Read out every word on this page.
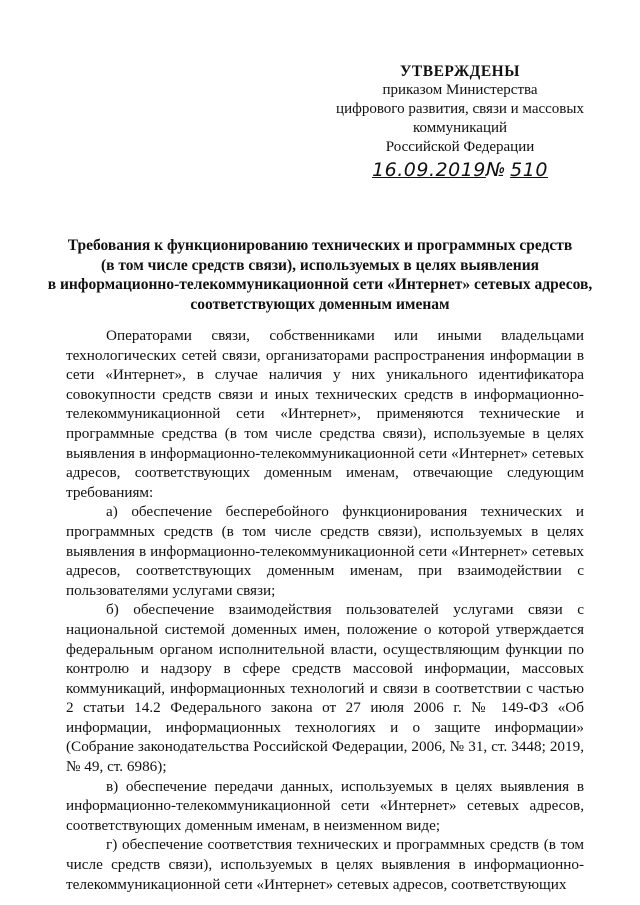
УТВЕРЖДЕНЫ
приказом Министерства
цифрового развития, связи и массовых
коммуникаций
Российской Федерации
16.09.2019№ 510
Требования к функционированию технических и программных средств
(в том числе средств связи), используемых в целях выявления
в информационно-телекоммуникационной сети «Интернет» сетевых адресов,
соответствующих доменным именам

Операторами связи, собственниками или иными владельцами технологических сетей связи, организаторами распространения информации в сети «Интернет», в случае наличия у них уникального идентификатора совокупности средств связи и иных технических средств в информационно-телекоммуникационной сети «Интернет», применяются технические и программные средства (в том числе средства связи), используемые в целях выявления в информационно-телекоммуникационной сети «Интернет» сетевых адресов, соответствующих доменным именам, отвечающие следующим требованиям:

а) обеспечение бесперебойного функционирования технических и программных средств (в том числе средств связи), используемых в целях выявления в информационно-телекоммуникационной сети «Интернет» сетевых адресов, соответствующих доменным именам, при взаимодействии с пользователями услугами связи;

б) обеспечение взаимодействия пользователей услугами связи с национальной системой доменных имен, положение о которой утверждается федеральным органом исполнительной власти, осуществляющим функции по контролю и надзору в сфере средств массовой информации, массовых коммуникаций, информационных технологий и связи в соответствии с частью 2 статьи 14.2 Федерального закона от 27 июля 2006 г. № 149-ФЗ «Об информации, информационных технологиях и о защите информации» (Собрание законодательства Российской Федерации, 2006, № 31, ст. 3448; 2019, № 49, ст. 6986);

в) обеспечение передачи данных, используемых в целях выявления в информационно-телекоммуникационной сети «Интернет» сетевых адресов, соответствующих доменным именам, в неизменном виде;

г) обеспечение соответствия технических и программных средств (в том числе средств связи), используемых в целях выявления в информационно-телекоммуникационной сети «Интернет» сетевых адресов, соответствующих
